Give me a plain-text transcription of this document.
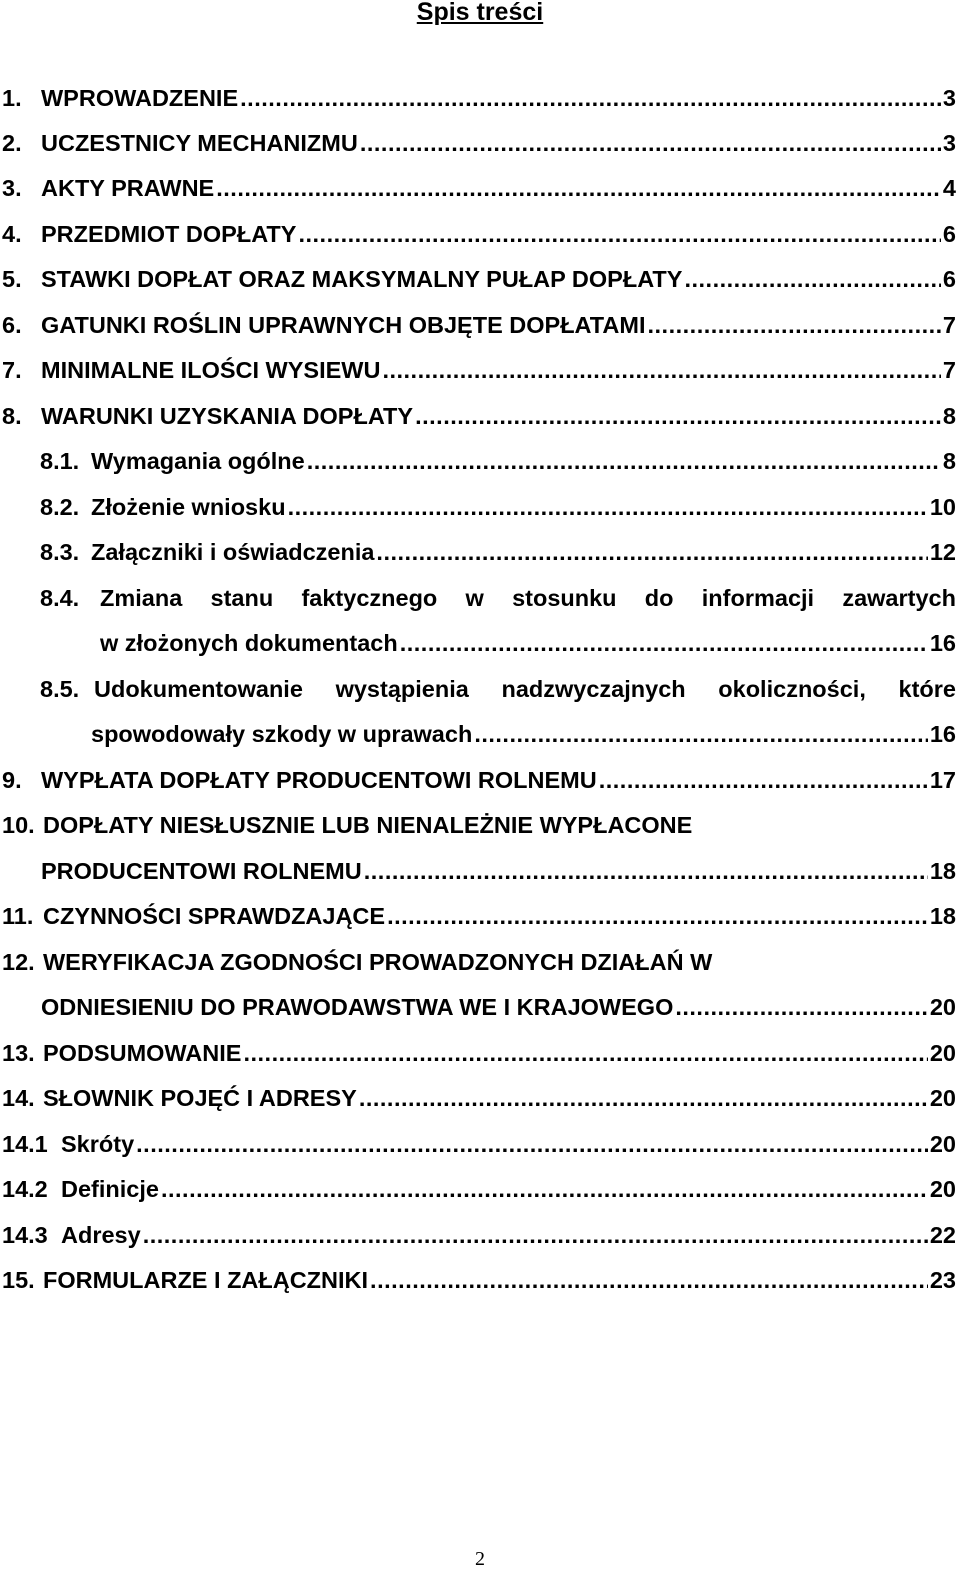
Spis treści
1. WPROWADZENIE .....	3
2. UCZESTNICY MECHANIZMU .....	3
3. AKTY PRAWNE .....	4
4. PRZEDMIOT DOPŁATY .....	6
5. STAWKI DOPŁAT ORAZ MAKSYMALNY PUŁAP DOPŁATY .....	6
6. GATUNKI ROŚLIN UPRAWNYCH OBJĘTE DOPŁATAMI .....	7
7. MINIMALNE ILOŚCI WYSIEWU .....	7
8. WARUNKI UZYSKANIA DOPŁATY .....	8
8.1. Wymagania ogólne .....	8
8.2. Złożenie wniosku .....	10
8.3. Załączniki i oświadczenia .....	12
8.4. Zmiana stanu faktycznego w stosunku do informacji zawartych
w złożonych dokumentach .....	16
8.5. Udokumentowanie wystąpienia nadzwyczajnych okoliczności, które
spowodowały szkody w uprawach .....	16
9. WYPŁATA DOPŁATY PRODUCENTOWI ROLNEMU .....	17
10. DOPŁATY NIESŁUSZNIE LUB NIENALEŻNIE WYPŁACONE
PRODUCENTOWI ROLNEMU .....	18
11. CZYNNOŚCI SPRAWDZAJĄCE .....	18
12. WERYFIKACJA ZGODNOŚCI PROWADZONYCH DZIAŁAŃ W
ODNIESIENIU DO PRAWODAWSTWA WE I KRAJOWEGO .....	20
13. PODSUMOWANIE .....	20
14. SŁOWNIK POJĘĆ I ADRESY .....	20
14.1 Skróty .....	20
14.2 Definicje .....	20
14.3 Adresy .....	22
15. FORMULARZE I ZAŁĄCZNIKI .....	23
2
